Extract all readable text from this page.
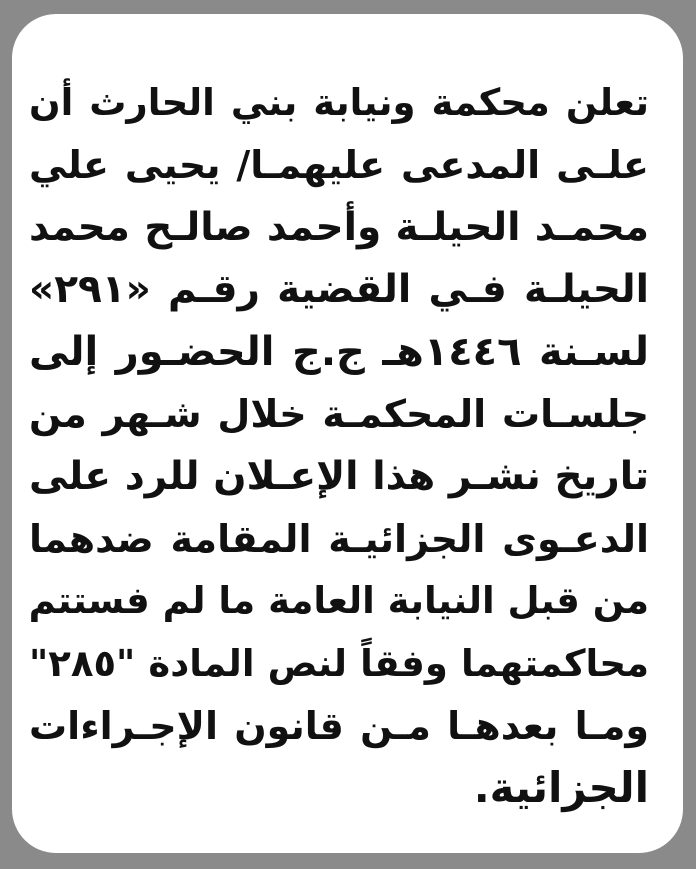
تعلن محكمة ونيابة بني الحارث أن
علـى المدعى عليهمـا/ يحيى علي
محمـد الحيلـة وأحمد صالـح محمد
الحيلـة فـي القضية رقـم «٢٩١»
لسـنة ١٤٤٦هـ ج.ج الحضـور إلى
جلسـات المحكمـة خلال شـهر من
تاريخ نشـر هذا الإعـلان للرد على
الدعـوى الجزائيـة المقامة ضدهما
من قبل النيابة العامة ما لم فستتم
محاكمتهما وفقاً لنص المادة "٢٨٥"
ومـا بعدهـا مـن قانون الإجـراءات
الجزائية.
